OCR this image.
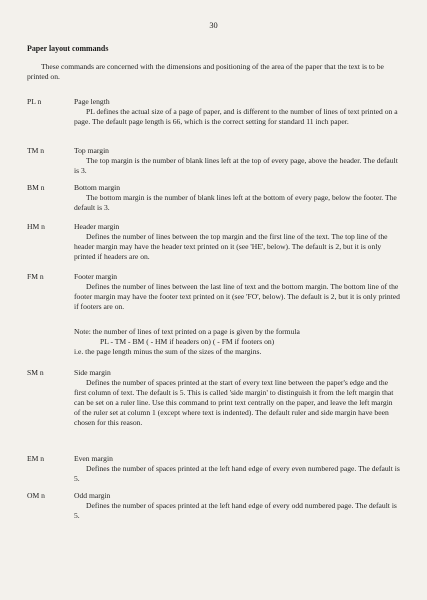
30
Paper layout commands
These commands are concerned with the dimensions and positioning of the area of the paper that the text is to be printed on.
PL n	Page length
PL defines the actual size of a page of paper, and is different to the number of lines of text printed on a page. The default page length is 66, which is the correct setting for standard 11 inch paper.
TM n	Top margin
The top margin is the number of blank lines left at the top of every page, above the header. The default is 3.
BM n	Bottom margin
The bottom margin is the number of blank lines left at the bottom of every page, below the footer. The default is 3.
HM n	Header margin
Defines the number of lines between the top margin and the first line of the text. The top line of the header margin may have the header text printed on it (see 'HE', below). The default is 2, but it is only printed if headers are on.
FM n	Footer margin
Defines the number of lines between the last line of text and the bottom margin. The bottom line of the footer margin may have the footer text printed on it (see 'FO', below). The default is 2, but it is only printed if footers are on.
Note: the number of lines of text printed on a page is given by the formula
PL - TM - BM ( - HM if headers on) ( - FM if footers on)
i.e. the page length minus the sum of the sizes of the margins.
SM n	Side margin
Defines the number of spaces printed at the start of every text line between the paper's edge and the first column of text. The default is 5. This is called 'side margin' to distinguish it from the left margin that can be set on a ruler line. Use this command to print text centrally on the paper, and leave the left margin of the ruler set at column 1 (except where text is indented). The default ruler and side margin have been chosen for this reason.
EM n	Even margin
Defines the number of spaces printed at the left hand edge of every even numbered page. The default is 5.
OM n	Odd margin
Defines the number of spaces printed at the left hand edge of every odd numbered page. The default is 5.
